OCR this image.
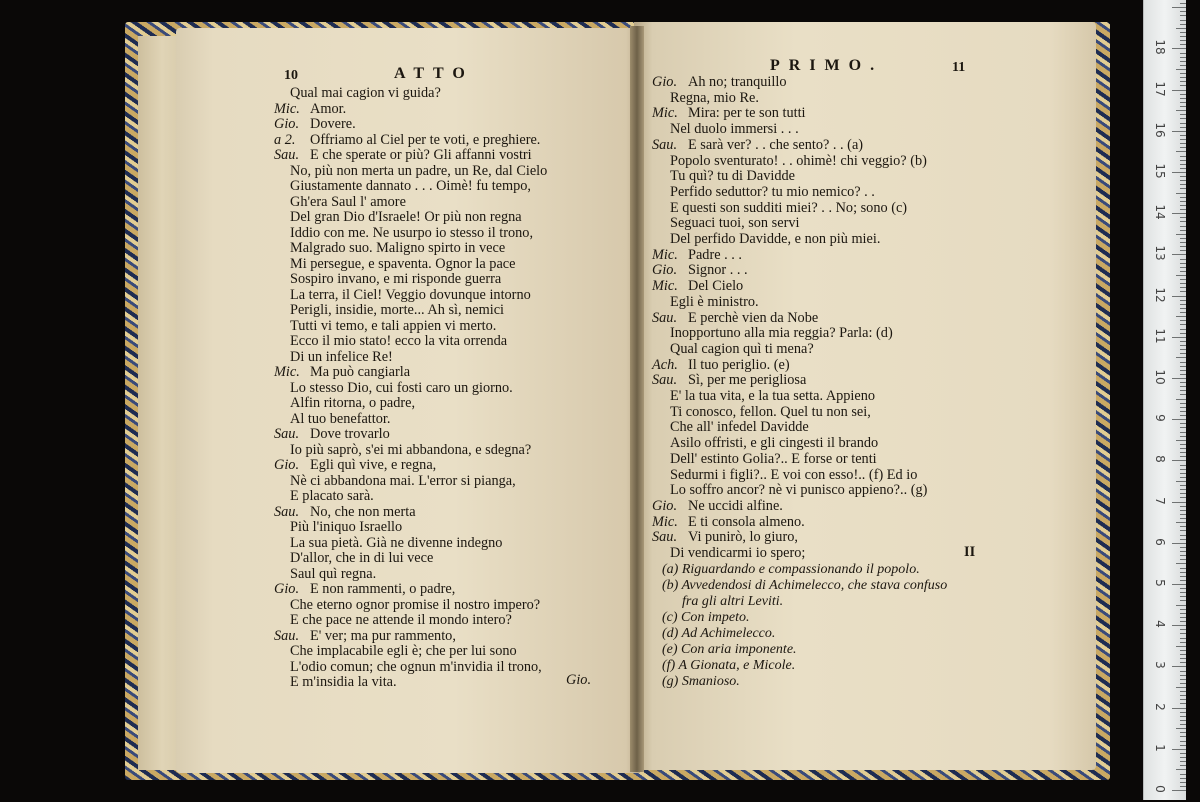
10	ATTO
Gio.
Qual mai cagion vi guida?
Mic. Amor.
Gio. Dovere.
a 2. Offriamo al Ciel per te voti, e preghiere.
Sau. E che sperate or più? Gli affanni vostri
No, più non merta un padre, un Re, dal Cielo
Giustamente dannato . . . Oimè! fu tempo,
Gh'era Saul l' amore
Del gran Dio d'Israele! Or più non regna
Iddio con me. Ne usurpo io stesso il trono,
Malgrado suo. Maligno spirto in vece
Mi persegue, e spaventa. Ognor la pace
Sospiro invano, e mi risponde guerra
La terra, il Ciel! Veggio dovunque intorno
Perigli, insidie, morte... Ah sì, nemici
Tutti vi temo, e tali appien vi merto.
Ecco il mio stato! ecco la vita orrenda
Di un infelice Re!
Mic. Ma può cangiarla
Lo stesso Dio, cui fosti caro un giorno.
Alfin ritorna, o padre,
Al tuo benefattor.
Sau. Dove trovarlo
Io più saprò, s'ei mi abbandona, e sdegna?
Gio. Egli quì vive, e regna,
Nè ci abbandona mai. L'error si pianga,
E placato sarà.
Sau. No, che non merta
Più l'iniquo Israello
La sua pietà. Già ne divenne indegno
D'allor, che in di lui vece
Saul quì regna.
Gio. E non rammenti, o padre,
Che eterno ognor promise il nostro impero?
E che pace ne attende il mondo intero?
Sau. E' ver; ma pur rammento,
Che implacabile egli è; che per lui sono
L'odio comun; che ognun m'invidia il trono,
E m'insidia la vita.
PRIMO.	11
II
Gio. Ah no; tranquillo
Regna, mio Re.
Mic. Mira: per te son tutti
Nel duolo immersi . . .
Sau. E sarà ver? . . che sento? . . (a)
Popolo sventurato! . . ohimè! chi veggio? (b)
Tu quì? tu di Davidde
Perfido seduttor? tu mio nemico? . .
E questi son sudditi miei? . . No; sono (c)
Seguaci tuoi, son servi
Del perfido Davidde, e non più miei.
Mic. Padre . . .
Gio. Signor . . .
Mic. Del Cielo
Egli è ministro.
Sau. E perchè vien da Nobe
Inopportuno alla mia reggia? Parla: (d)
Qual cagion quì ti mena?
Ach. Il tuo periglio. (e)
Sau. Sì, per me perigliosa
E' la tua vita, e la tua setta. Appieno
Ti conosco, fellon. Quel tu non sei,
Che all' infedel Davidde
Asilo offristi, e gli cingesti il brando
Dell' estinto Golia?.. E forse or tenti
Sedurmi i figli?.. E voi con esso!.. (f) Ed io
Lo soffro ancor? nè vi punisco appieno?.. (g)
Gio. Ne uccidi alfine.
Mic. E ti consola almeno.
Sau. Vi punirò, lo giuro,
Di vendicarmi io spero;
(a) Riguardando e compassionando il popolo.
(b) Avvedendosi di Achimelecco, che stava confuso
fra gli altri Leviti.
(c) Con impeto.
(d) Ad Achimelecco.
(e) Con aria imponente.
(f) A Gionata, e Micole.
(g) Smanioso.
0
1
2
3
4
5
6
7
8
9
10
11
12
13
14
15
16
17
18
